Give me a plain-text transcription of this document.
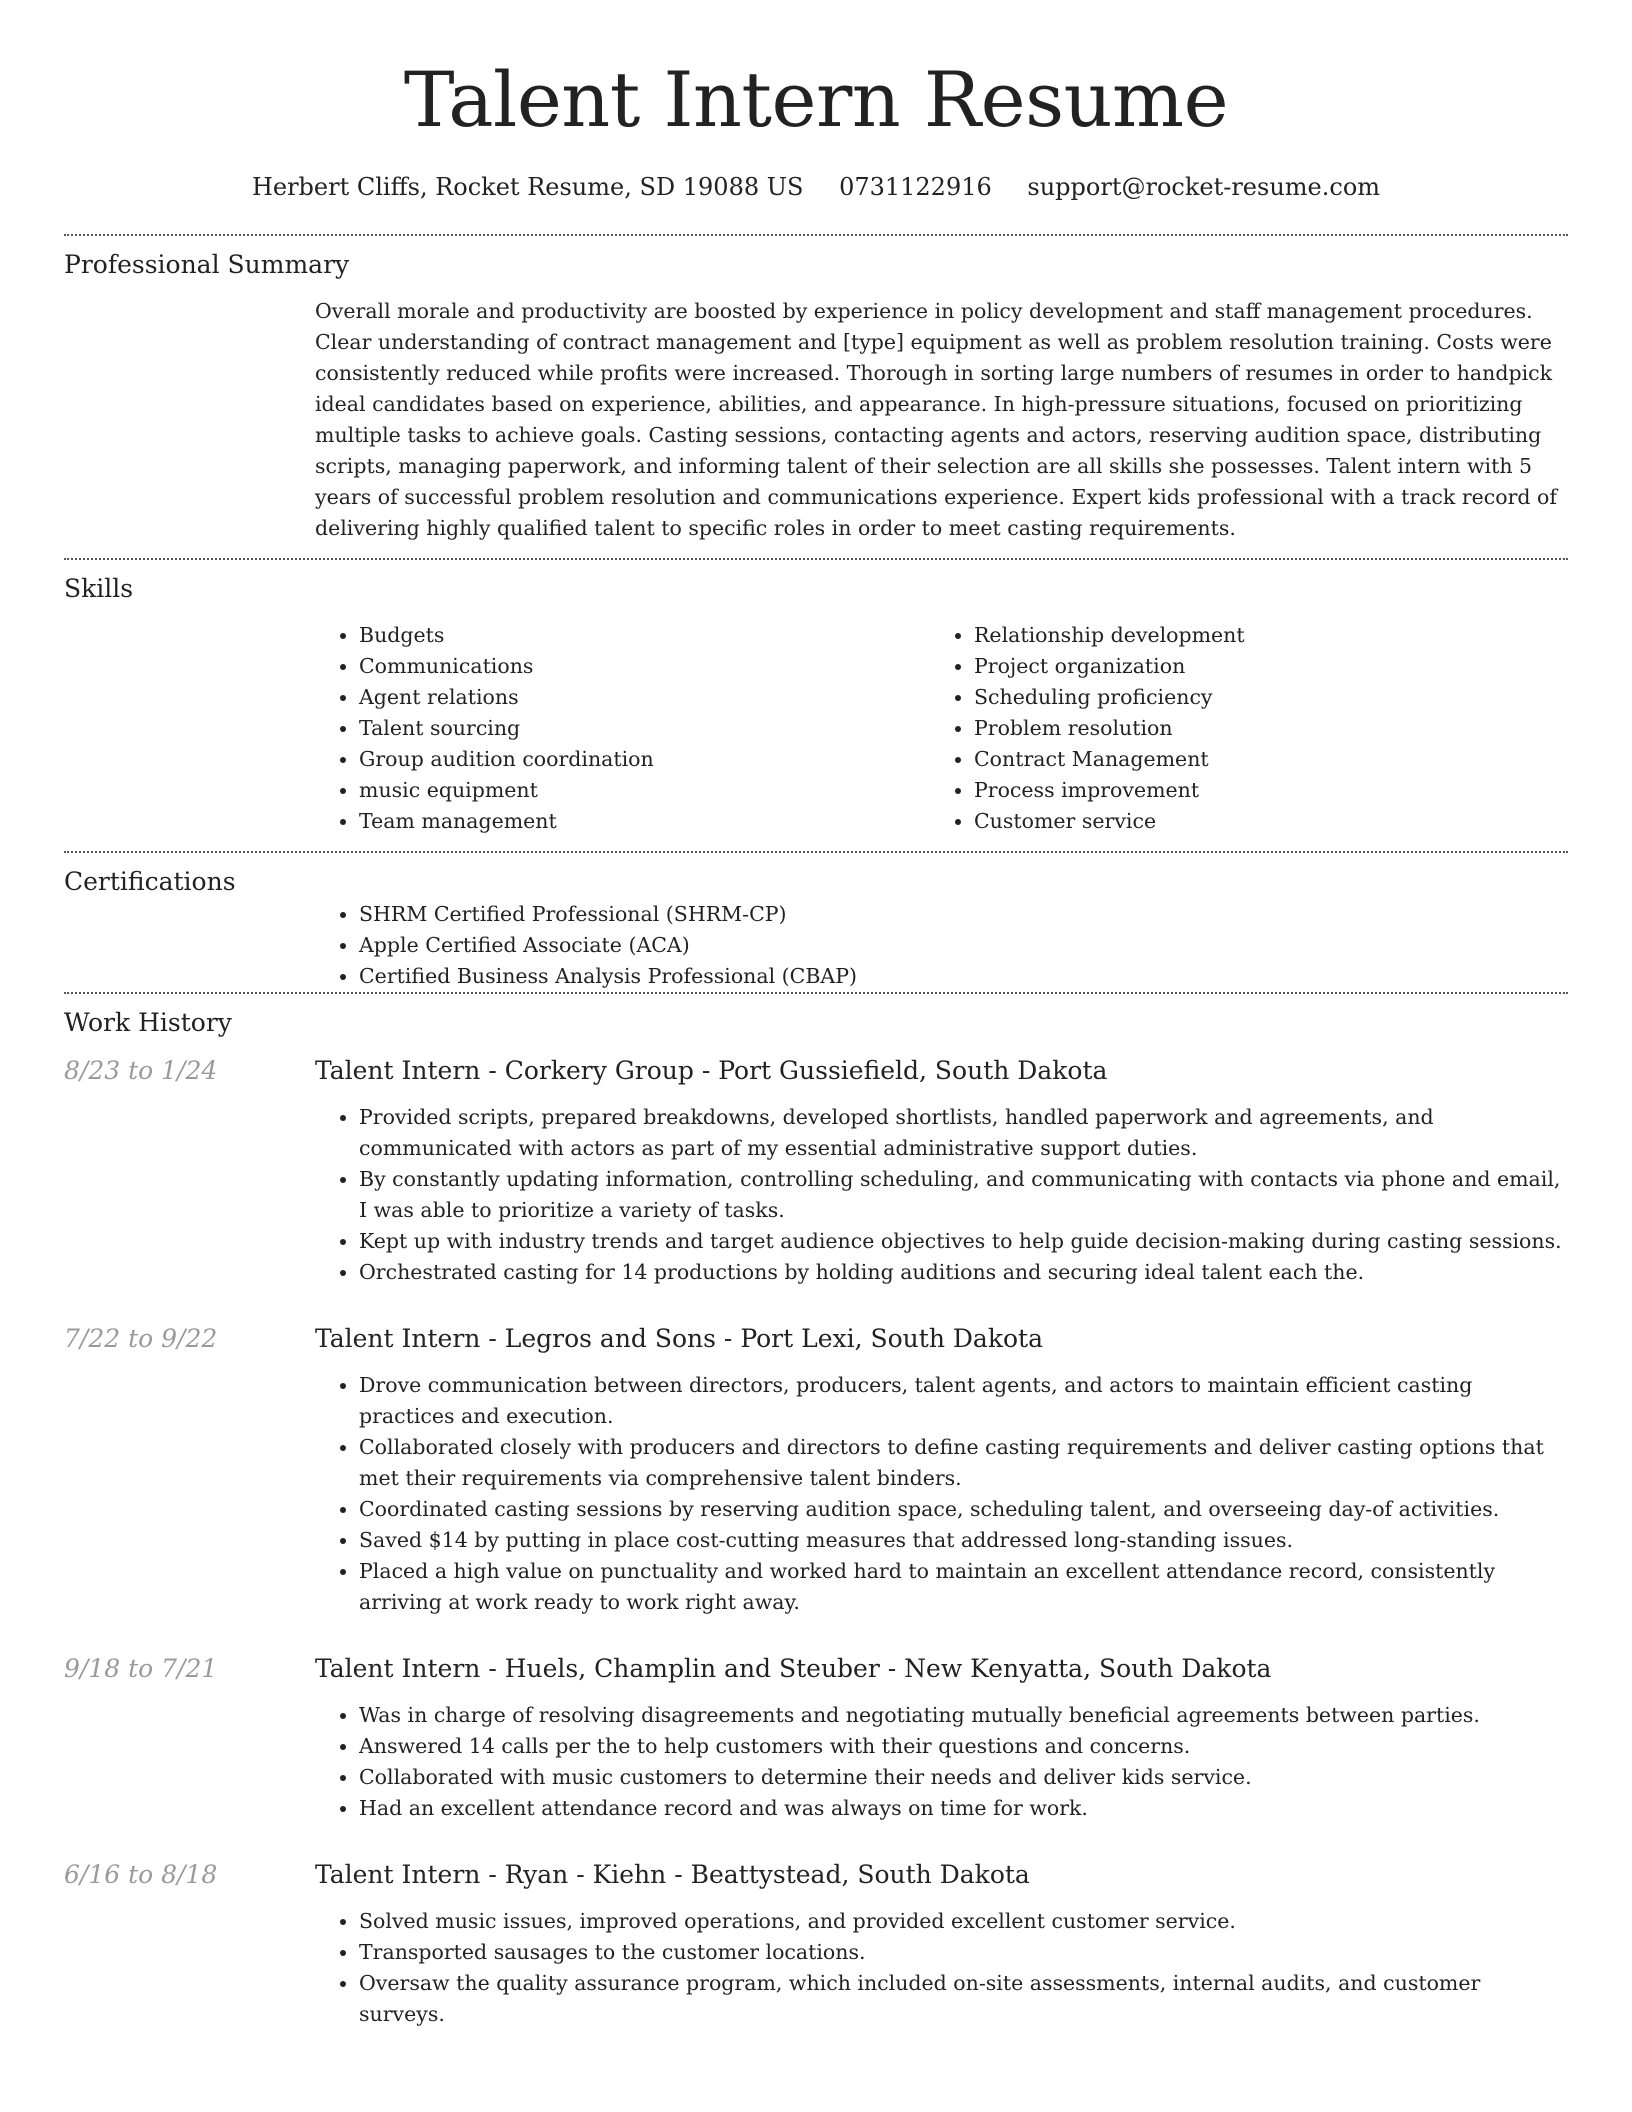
Talent Intern Resume
Herbert Cliffs, Rocket Resume, SD 19088 US 0731122916 support@rocket-resume.com
Professional Summary

Overall morale and productivity are boosted by experience in policy development and staff management procedures. Clear understanding of contract management and [type] equipment as well as problem resolution training. Costs were consistently reduced while profits were increased. Thorough in sorting large numbers of resumes in order to handpick ideal candidates based on experience, abilities, and appearance. In high-pressure situations, focused on prioritizing multiple tasks to achieve goals. Casting sessions, contacting agents and actors, reserving audition space, distributing scripts, managing paperwork, and informing talent of their selection are all skills she possesses. Talent intern with 5 years of successful problem resolution and communications experience. Expert kids professional with a track record of delivering highly qualified talent to specific roles in order to meet casting requirements.

Skills
• Budgets
• Communications
• Agent relations
• Talent sourcing
• Group audition coordination
• music equipment
• Team management
• Relationship development
• Project organization
• Scheduling proficiency
• Problem resolution
• Contract Management
• Process improvement
• Customer service
Certifications
• SHRM Certified Professional (SHRM-CP)
• Apple Certified Associate (ACA)
• Certified Business Analysis Professional (CBAP)
Work History
8/23 to 1/24	Talent Intern - Corkery Group - Port Gussiefield, South Dakota
• Provided scripts, prepared breakdowns, developed shortlists, handled paperwork and agreements, and communicated with actors as part of my essential administrative support duties.
• By constantly updating information, controlling scheduling, and communicating with contacts via phone and email, I was able to prioritize a variety of tasks.
• Kept up with industry trends and target audience objectives to help guide decision-making during casting sessions.
• Orchestrated casting for 14 productions by holding auditions and securing ideal talent each the.
7/22 to 9/22	Talent Intern - Legros and Sons - Port Lexi, South Dakota
• Drove communication between directors, producers, talent agents, and actors to maintain efficient casting practices and execution.
• Collaborated closely with producers and directors to define casting requirements and deliver casting options that met their requirements via comprehensive talent binders.
• Coordinated casting sessions by reserving audition space, scheduling talent, and overseeing day-of activities.
• Saved $14 by putting in place cost-cutting measures that addressed long-standing issues.
• Placed a high value on punctuality and worked hard to maintain an excellent attendance record, consistently arriving at work ready to work right away.
9/18 to 7/21	Talent Intern - Huels, Champlin and Steuber - New Kenyatta, South Dakota
• Was in charge of resolving disagreements and negotiating mutually beneficial agreements between parties.
• Answered 14 calls per the to help customers with their questions and concerns.
• Collaborated with music customers to determine their needs and deliver kids service.
• Had an excellent attendance record and was always on time for work.
6/16 to 8/18	Talent Intern - Ryan - Kiehn - Beattystead, South Dakota
• Solved music issues, improved operations, and provided excellent customer service.
• Transported sausages to the customer locations.
• Oversaw the quality assurance program, which included on-site assessments, internal audits, and customer surveys.
